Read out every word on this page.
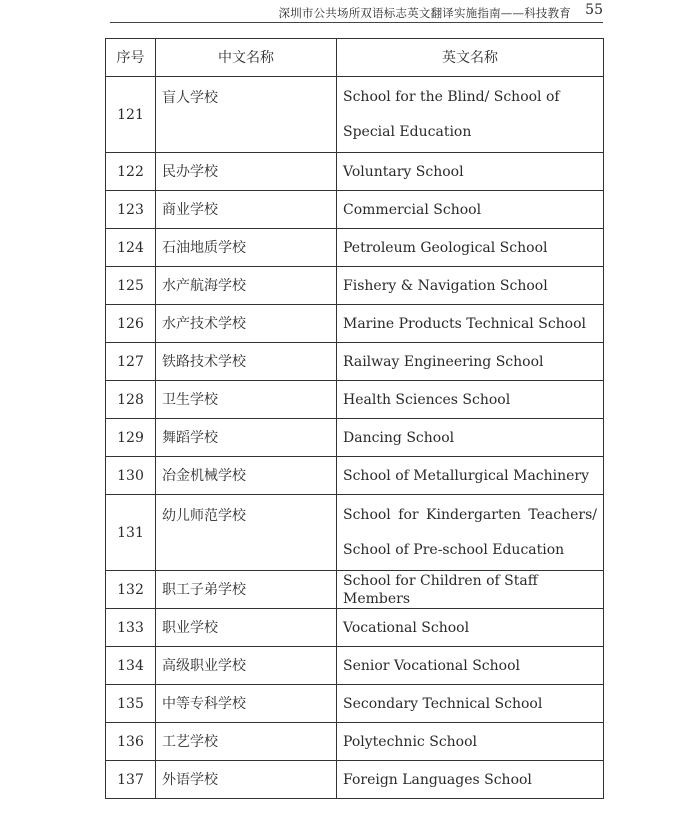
深圳市公共场所双语标志英文翻译实施指南——科技教育 55
序号	中文名称	英文名称
121	盲人学校	School for the Blind/ School of Special Education
122	民办学校	Voluntary School
123	商业学校	Commercial School
124	石油地质学校	Petroleum Geological School
125	水产航海学校	Fishery & Navigation School
126	水产技术学校	Marine Products Technical School
127	铁路技术学校	Railway Engineering School
128	卫生学校	Health Sciences School
129	舞蹈学校	Dancing School
130	冶金机械学校	School of Metallurgical Machinery
131	幼儿师范学校	School for Kindergarten Teachers/ School of Pre-school Education
132	职工子弟学校	School for Children of Staff Members
133	职业学校	Vocational School
134	高级职业学校	Senior Vocational School
135	中等专科学校	Secondary Technical School
136	工艺学校	Polytechnic School
137	外语学校	Foreign Languages School
